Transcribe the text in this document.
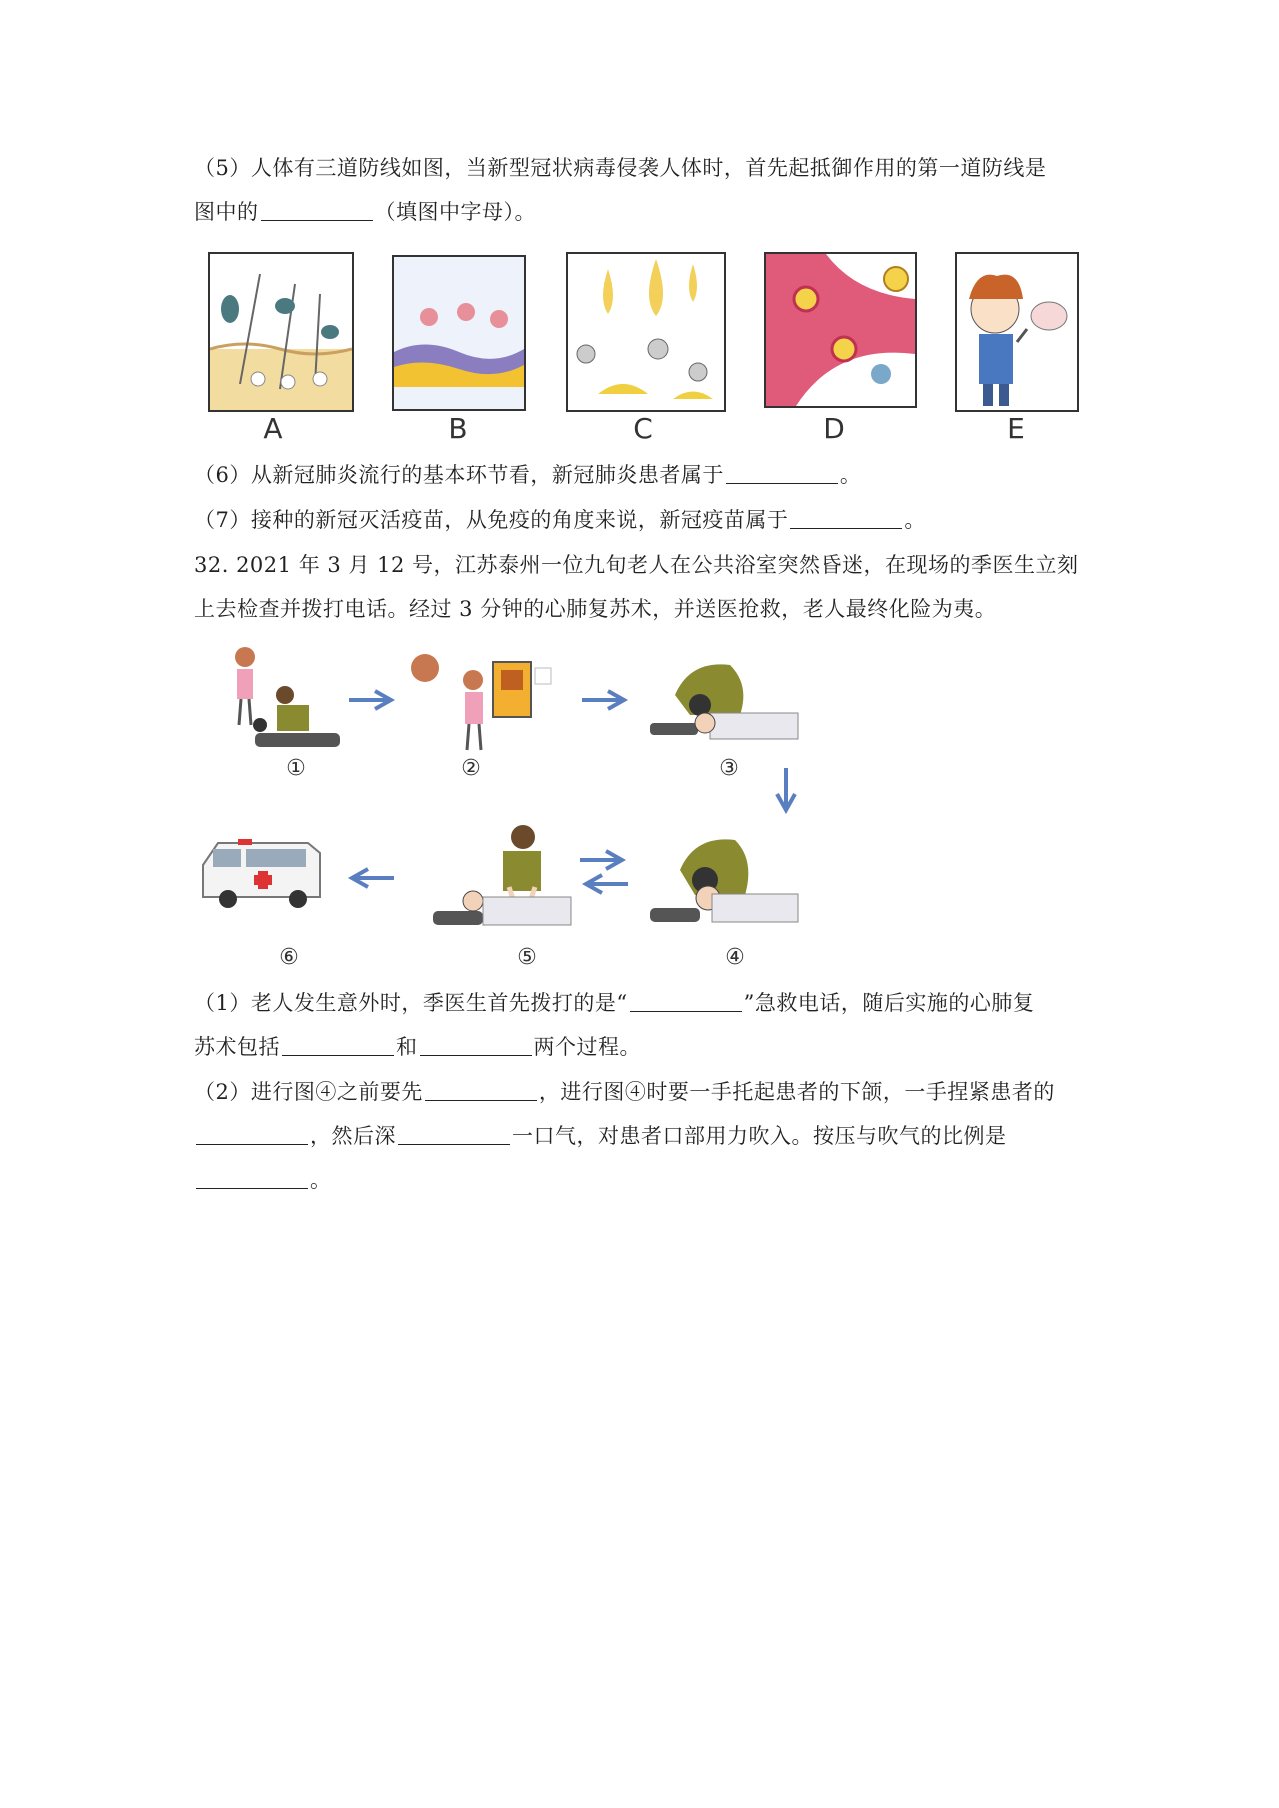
（5）人体有三道防线如图，当新型冠状病毒侵袭人体时，首先起抵御作用的第一道防线是
图中的	（填图中字母）。
A	B	C	D	E
（6）从新冠肺炎流行的基本环节看，新冠肺炎患者属于	。
（7）接种的新冠灭活疫苗，从免疫的角度来说，新冠疫苗属于	。
32. 2021 年 3 月 12 号，江苏泰州一位九旬老人在公共浴室突然昏迷，在现场的季医生立刻
上去检查并拨打电话。经过 3 分钟的心肺复苏术，并送医抢救，老人最终化险为夷。
①	②	③
⑥	⑤	④
（1）老人发生意外时，季医生首先拨打的是“	”急救电话，随后实施的心肺复
苏术包括	和	两个过程。
（2）进行图④之前要先	，进行图④时要一手托起患者的下颌，一手捏紧患者的
，然后深	一口气，对患者口部用力吹入。按压与吹气的比例是
。
